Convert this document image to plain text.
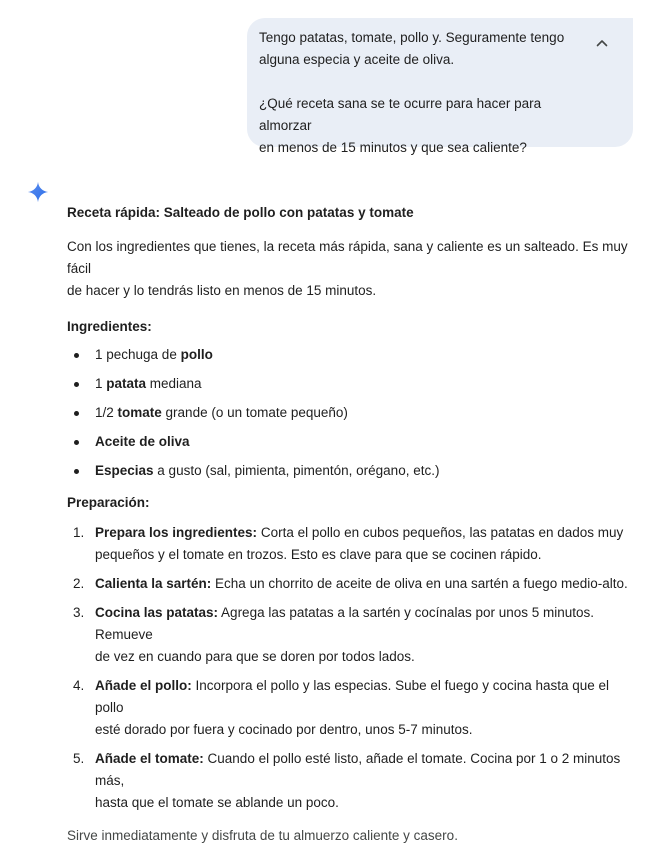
Tengo patatas, tomate, pollo y. Seguramente tengo

alguna especia y aceite de oliva.

¿Qué receta sana se te ocurre para hacer para almorzar

en menos de 15 minutos y que sea caliente?

Receta rápida: Salteado de pollo con patatas y tomate

Con los ingredientes que tienes, la receta más rápida, sana y caliente es un salteado. Es muy fácil
de hacer y lo tendrás listo en menos de 15 minutos.

Ingredientes:

1 pechuga de pollo
1 patata mediana
1/2 tomate grande (o un tomate pequeño)
Aceite de oliva
Especias a gusto (sal, pimienta, pimentón, orégano, etc.)

Preparación:

1. Prepara los ingredientes: Corta el pollo en cubos pequeños, las patatas en dados muy
pequeños y el tomate en trozos. Esto es clave para que se cocinen rápido.
2. Calienta la sartén: Echa un chorrito de aceite de oliva en una sartén a fuego medio-alto.
3. Cocina las patatas: Agrega las patatas a la sartén y cocínalas por unos 5 minutos. Remueve
de vez en cuando para que se doren por todos lados.
4. Añade el pollo: Incorpora el pollo y las especias. Sube el fuego y cocina hasta que el pollo
esté dorado por fuera y cocinado por dentro, unos 5-7 minutos.
5. Añade el tomate: Cuando el pollo esté listo, añade el tomate. Cocina por 1 o 2 minutos más,
hasta que el tomate se ablande un poco.

Sirve inmediatamente y disfruta de tu almuerzo caliente y casero.
